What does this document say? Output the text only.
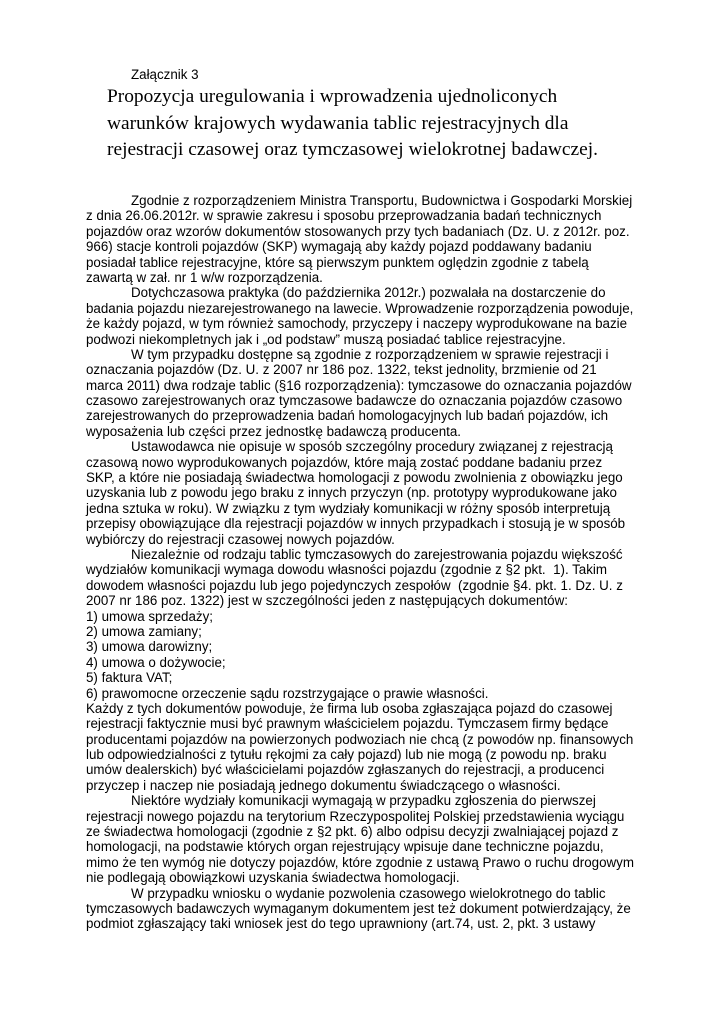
Załącznik 3
Propozycja uregulowania i wprowadzenia ujednoliconych
warunków krajowych wydawania tablic rejestracyjnych dla
rejestracji czasowej oraz tymczasowej wielokrotnej badawczej.
Zgodnie z rozporządzeniem Ministra Transportu, Budownictwa i Gospodarki Morskiej
z dnia 26.06.2012r. w sprawie zakresu i sposobu przeprowadzania badań technicznych
pojazdów oraz wzorów dokumentów stosowanych przy tych badaniach (Dz. U. z 2012r. poz.
966) stacje kontroli pojazdów (SKP) wymagają aby każdy pojazd poddawany badaniu
posiadał tablice rejestracyjne, które są pierwszym punktem oględzin zgodnie z tabelą
zawartą w zał. nr 1 w/w rozporządzenia.
Dotychczasowa praktyka (do października 2012r.) pozwalała na dostarczenie do
badania pojazdu niezarejestrowanego na lawecie. Wprowadzenie rozporządzenia powoduje,
że każdy pojazd, w tym również samochody, przyczepy i naczepy wyprodukowane na bazie
podwozi niekompletnych jak i „od podstaw” muszą posiadać tablice rejestracyjne.
W tym przypadku dostępne są zgodnie z rozporządzeniem w sprawie rejestracji i
oznaczania pojazdów (Dz. U. z 2007 nr 186 poz. 1322, tekst jednolity, brzmienie od 21
marca 2011) dwa rodzaje tablic (§16 rozporządzenia): tymczasowe do oznaczania pojazdów
czasowo zarejestrowanych oraz tymczasowe badawcze do oznaczania pojazdów czasowo
zarejestrowanych do przeprowadzenia badań homologacyjnych lub badań pojazdów, ich
wyposażenia lub części przez jednostkę badawczą producenta.
Ustawodawca nie opisuje w sposób szczególny procedury związanej z rejestracją
czasową nowo wyprodukowanych pojazdów, które mają zostać poddane badaniu przez
SKP, a które nie posiadają świadectwa homologacji z powodu zwolnienia z obowiązku jego
uzyskania lub z powodu jego braku z innych przyczyn (np. prototypy wyprodukowane jako
jedna sztuka w roku). W związku z tym wydziały komunikacji w różny sposób interpretują
przepisy obowiązujące dla rejestracji pojazdów w innych przypadkach i stosują je w sposób
wybiórczy do rejestracji czasowej nowych pojazdów.
Niezależnie od rodzaju tablic tymczasowych do zarejestrowania pojazdu większość
wydziałów komunikacji wymaga dowodu własności pojazdu (zgodnie z §2 pkt.  1). Takim
dowodem własności pojazdu lub jego pojedynczych zespołów  (zgodnie §4. pkt. 1. Dz. U. z
2007 nr 186 poz. 1322) jest w szczególności jeden z następujących dokumentów:
1) umowa sprzedaży;
2) umowa zamiany;
3) umowa darowizny;
4) umowa o dożywocie;
5) faktura VAT;
6) prawomocne orzeczenie sądu rozstrzygające o prawie własności.
Każdy z tych dokumentów powoduje, że firma lub osoba zgłaszająca pojazd do czasowej
rejestracji faktycznie musi być prawnym właścicielem pojazdu. Tymczasem firmy będące
producentami pojazdów na powierzonych podwoziach nie chcą (z powodów np. finansowych
lub odpowiedzialności z tytułu rękojmi za cały pojazd) lub nie mogą (z powodu np. braku
umów dealerskich) być właścicielami pojazdów zgłaszanych do rejestracji, a producenci
przyczep i naczep nie posiadają jednego dokumentu świadczącego o własności.
Niektóre wydziały komunikacji wymagają w przypadku zgłoszenia do pierwszej
rejestracji nowego pojazdu na terytorium Rzeczypospolitej Polskiej przedstawienia wyciągu
ze świadectwa homologacji (zgodnie z §2 pkt. 6) albo odpisu decyzji zwalniającej pojazd z
homologacji, na podstawie których organ rejestrujący wpisuje dane techniczne pojazdu,
mimo że ten wymóg nie dotyczy pojazdów, które zgodnie z ustawą Prawo o ruchu drogowym
nie podlegają obowiązkowi uzyskania świadectwa homologacji.
W przypadku wniosku o wydanie pozwolenia czasowego wielokrotnego do tablic
tymczasowych badawczych wymaganym dokumentem jest też dokument potwierdzający, że
podmiot zgłaszający taki wniosek jest do tego uprawniony (art.74, ust. 2, pkt. 3 ustawy
